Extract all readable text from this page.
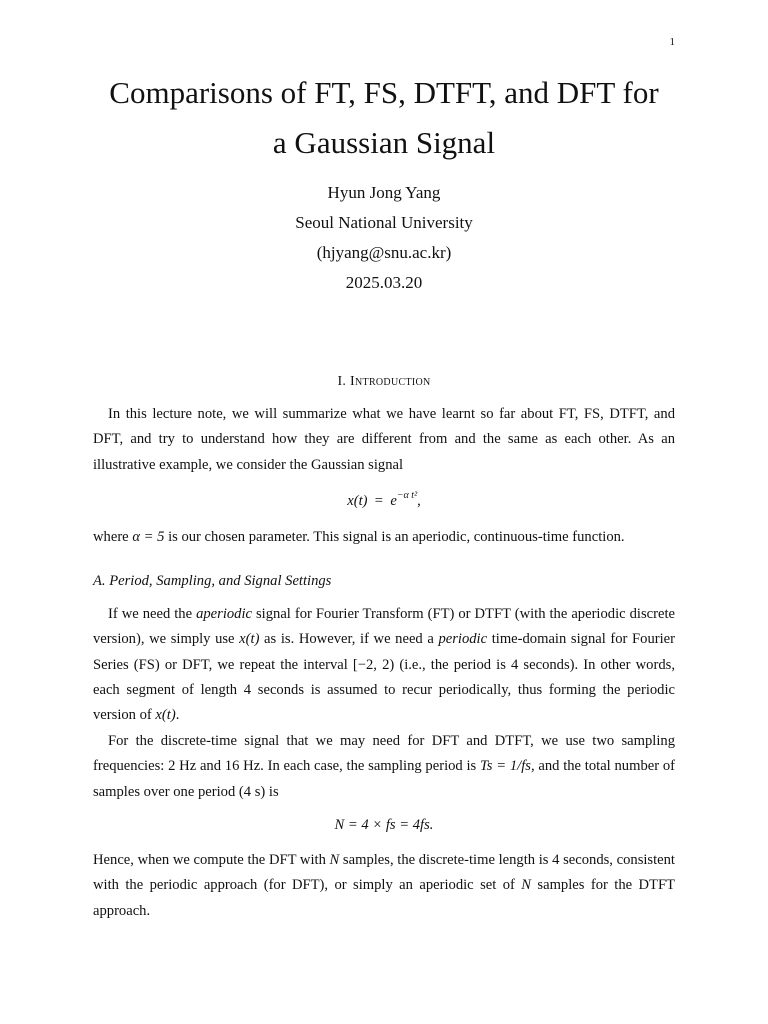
1
Comparisons of FT, FS, DTFT, and DFT for
a Gaussian Signal
Hyun Jong Yang
Seoul National University
(hjyang@snu.ac.kr)
2025.03.20
I. Introduction

In this lecture note, we will summarize what we have learnt so far about FT, FS, DTFT, and DFT, and try to understand how they are different from and the same as each other. As an illustrative example, we consider the Gaussian signal

$x(t) = e^{-\alpha t^2}$,

where α = 5 is our chosen parameter. This signal is an aperiodic, continuous-time function.

A. Period, Sampling, and Signal Settings

If we need the aperiodic signal for Fourier Transform (FT) or DTFT (with the aperiodic discrete version), we simply use x(t) as is. However, if we need a periodic time-domain signal for Fourier Series (FS) or DFT, we repeat the interval [−2, 2) (i.e., the period is 4 seconds). In other words, each segment of length 4 seconds is assumed to recur periodically, thus forming the periodic version of x(t).

For the discrete-time signal that we may need for DFT and DTFT, we use two sampling frequencies: 2 Hz and 16 Hz. In each case, the sampling period is Ts = 1/fs, and the total number of samples over one period (4 s) is

N = 4 × fs = 4fs.

Hence, when we compute the DFT with N samples, the discrete-time length is 4 seconds, consistent with the periodic approach (for DFT), or simply an aperiodic set of N samples for the DTFT approach.
